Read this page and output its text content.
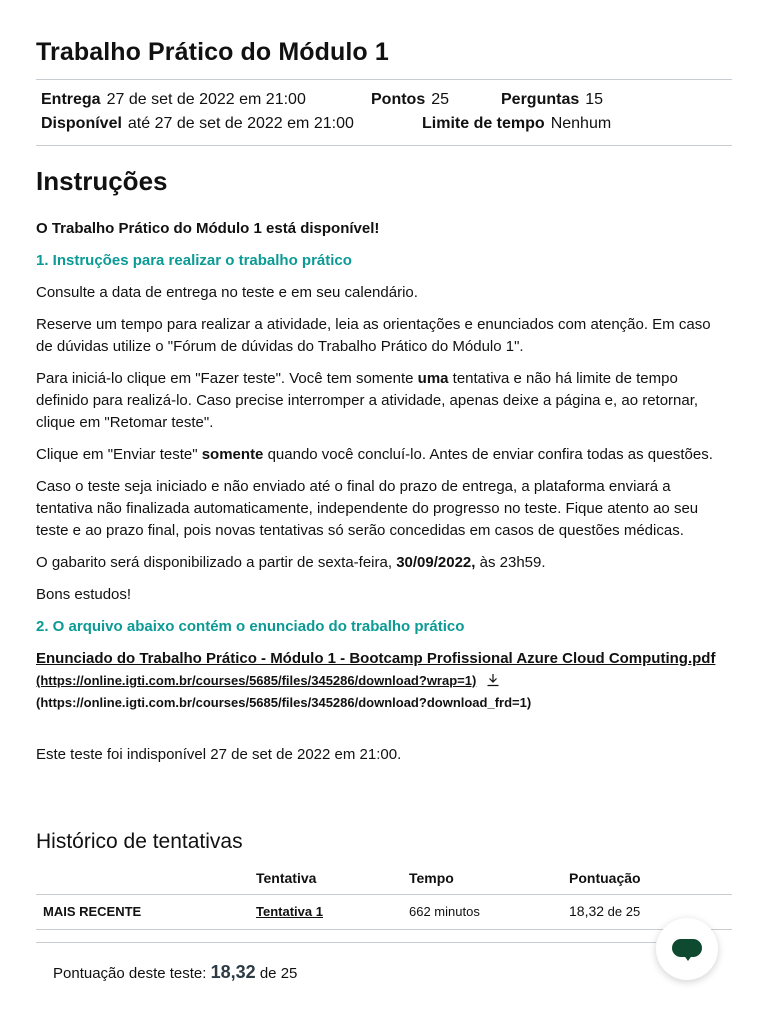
Trabalho Prático do Módulo 1
Entrega 27 de set de 2022 em 21:00	Pontos 25	Perguntas 15
Disponível até 27 de set de 2022 em 21:00	Limite de tempo Nenhum
Instruções

O Trabalho Prático do Módulo 1 está disponível!

1. Instruções para realizar o trabalho prático

Consulte a data de entrega no teste e em seu calendário.

Reserve um tempo para realizar a atividade, leia as orientações e enunciados com atenção. Em caso de dúvidas utilize o "Fórum de dúvidas do Trabalho Prático do Módulo 1".

Para iniciá-lo clique em "Fazer teste". Você tem somente uma tentativa e não há limite de tempo definido para realizá-lo. Caso precise interromper a atividade, apenas deixe a página e, ao retornar, clique em "Retomar teste".

Clique em "Enviar teste" somente quando você concluí-lo. Antes de enviar confira todas as questões.

Caso o teste seja iniciado e não enviado até o final do prazo de entrega, a plataforma enviará a tentativa não finalizada automaticamente, independente do progresso no teste. Fique atento ao seu teste e ao prazo final, pois novas tentativas só serão concedidas em casos de questões médicas.

O gabarito será disponibilizado a partir de sexta-feira, 30/09/2022, às 23h59.

Bons estudos!

2. O arquivo abaixo contém o enunciado do trabalho prático

Enunciado do Trabalho Prático - Módulo 1 - Bootcamp Profissional Azure Cloud Computing.pdf (https://online.igti.com.br/courses/5685/files/345286/download?wrap=1)
(https://online.igti.com.br/courses/5685/files/345286/download?download_frd=1)

Este teste foi indisponível 27 de set de 2022 em 21:00.

Histórico de tentativas
	Tentativa	Tempo	Pontuação
MAIS RECENTE	Tentativa 1	662 minutos	18,32 de 25
Pontuação deste teste: 18,32 de 25
